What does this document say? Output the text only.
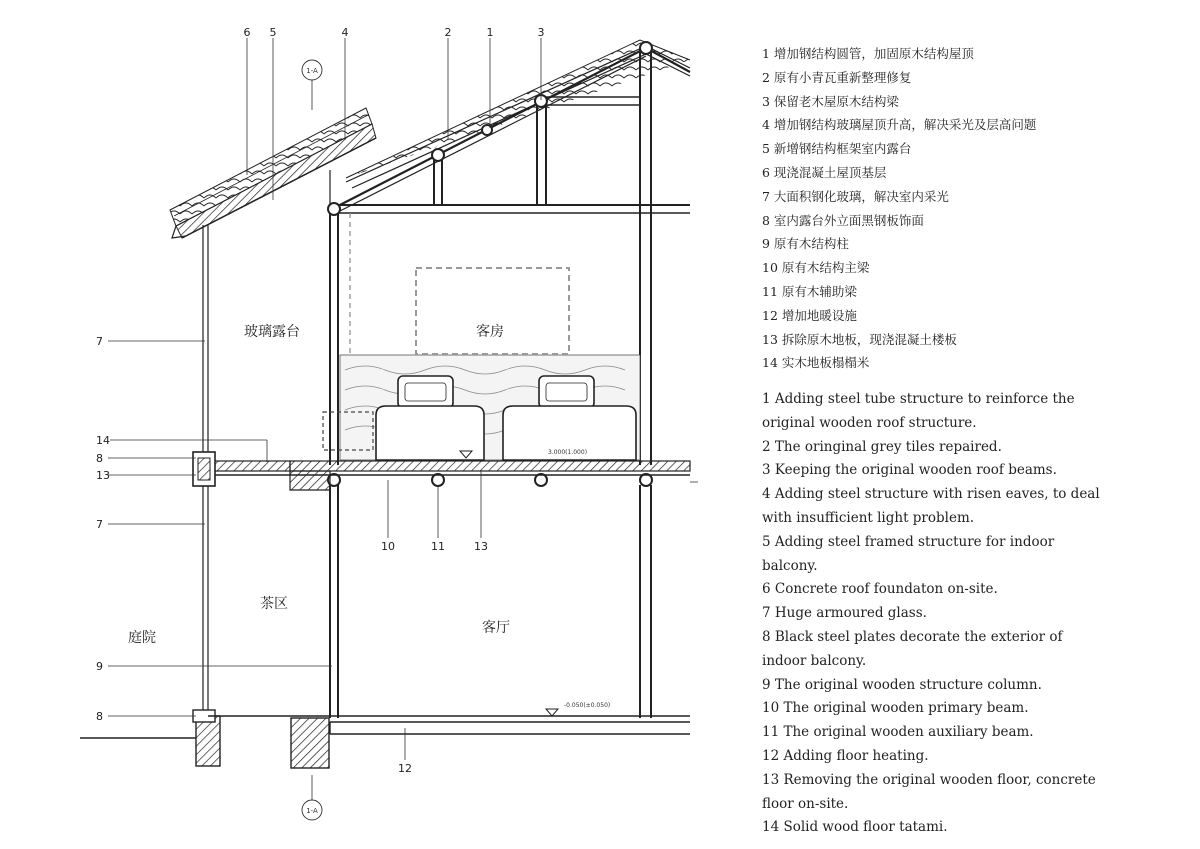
1-A
1-A
3.000(1.000)
-0.050(±0.050)
6 5	4	2	1	3
7
14
8
13
7
9
8
10	11	13
12
玻璃露台	客房
茶区
庭院
客厅
1 增加钢结构圆管，加固原木结构屋顶
2 原有小青瓦重新整理修复
3 保留老木屋原木结构梁
4 增加钢结构玻璃屋顶升高，解决采光及层高问题
5 新增钢结构框架室内露台
6 现浇混凝土屋顶基层
7 大面积钢化玻璃，解决室内采光
8 室内露台外立面黑钢板饰面
9 原有木结构柱
10 原有木结构主梁
11 原有木辅助梁
12 增加地暖设施
13 拆除原木地板，现浇混凝土楼板
14 实木地板榻榻米
1 Adding steel tube structure to reinforce the original wooden roof structure.
2 The oringinal grey tiles repaired.
3 Keeping the original wooden roof beams.
4 Adding steel structure with risen eaves, to deal with insufficient light problem.
5 Adding steel framed structure for indoor balcony.
6 Concrete roof foundaton on-site.
7 Huge armoured glass.
8 Black steel plates decorate the exterior of indoor balcony.
9 The original wooden structure column.
10 The original wooden primary beam.
11 The original wooden auxiliary beam.
12 Adding floor heating.
13 Removing the original wooden floor, concrete floor on-site.
14 Solid wood floor tatami.
